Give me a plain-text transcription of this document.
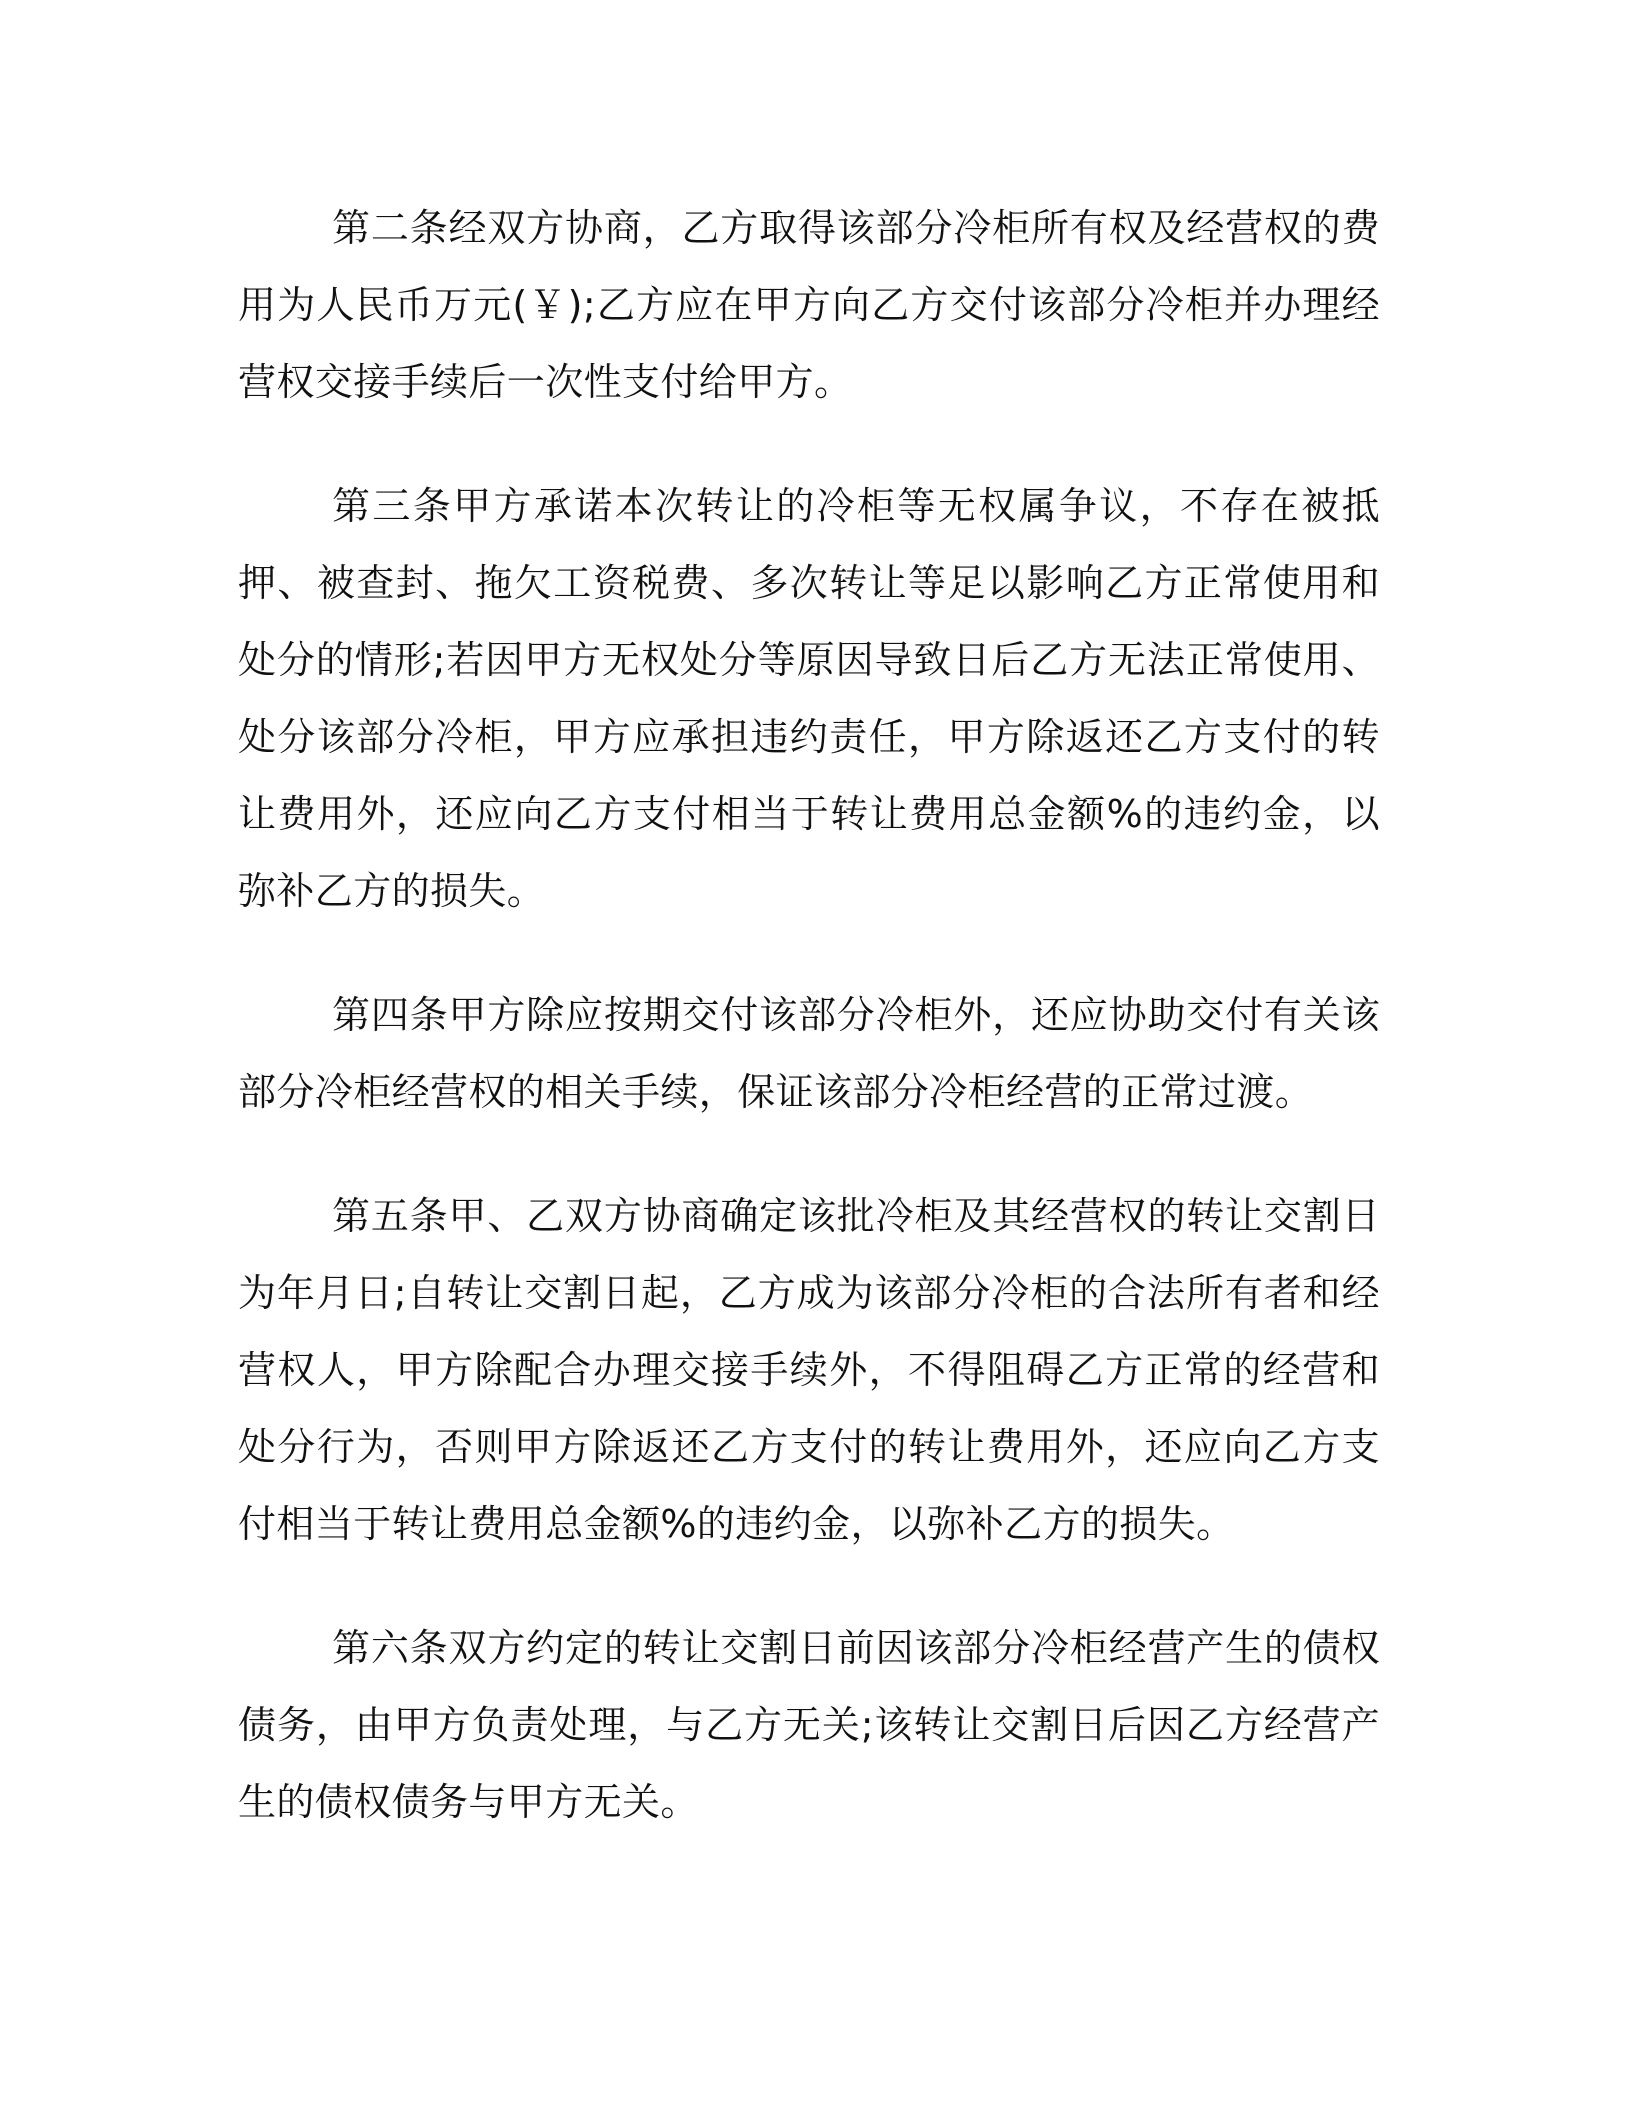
第二条经双方协商，乙方取得该部分冷柜所有权及经营权的费用为人民币万元(￥);乙方应在甲方向乙方交付该部分冷柜并办理经营权交接手续后一次性支付给甲方。

第三条甲方承诺本次转让的冷柜等无权属争议，不存在被抵押、被查封、拖欠工资税费、多次转让等足以影响乙方正常使用和处分的情形;若因甲方无权处分等原因导致日后乙方无法正常使用、处分该部分冷柜，甲方应承担违约责任，甲方除返还乙方支付的转让费用外，还应向乙方支付相当于转让费用总金额%的违约金，以弥补乙方的损失。

第四条甲方除应按期交付该部分冷柜外，还应协助交付有关该部分冷柜经营权的相关手续，保证该部分冷柜经营的正常过渡。

第五条甲、乙双方协商确定该批冷柜及其经营权的转让交割日为年月日;自转让交割日起，乙方成为该部分冷柜的合法所有者和经营权人，甲方除配合办理交接手续外，不得阻碍乙方正常的经营和处分行为，否则甲方除返还乙方支付的转让费用外，还应向乙方支付相当于转让费用总金额%的违约金，以弥补乙方的损失。

第六条双方约定的转让交割日前因该部分冷柜经营产生的债权债务，由甲方负责处理，与乙方无关;该转让交割日后因乙方经营产生的债权债务与甲方无关。
